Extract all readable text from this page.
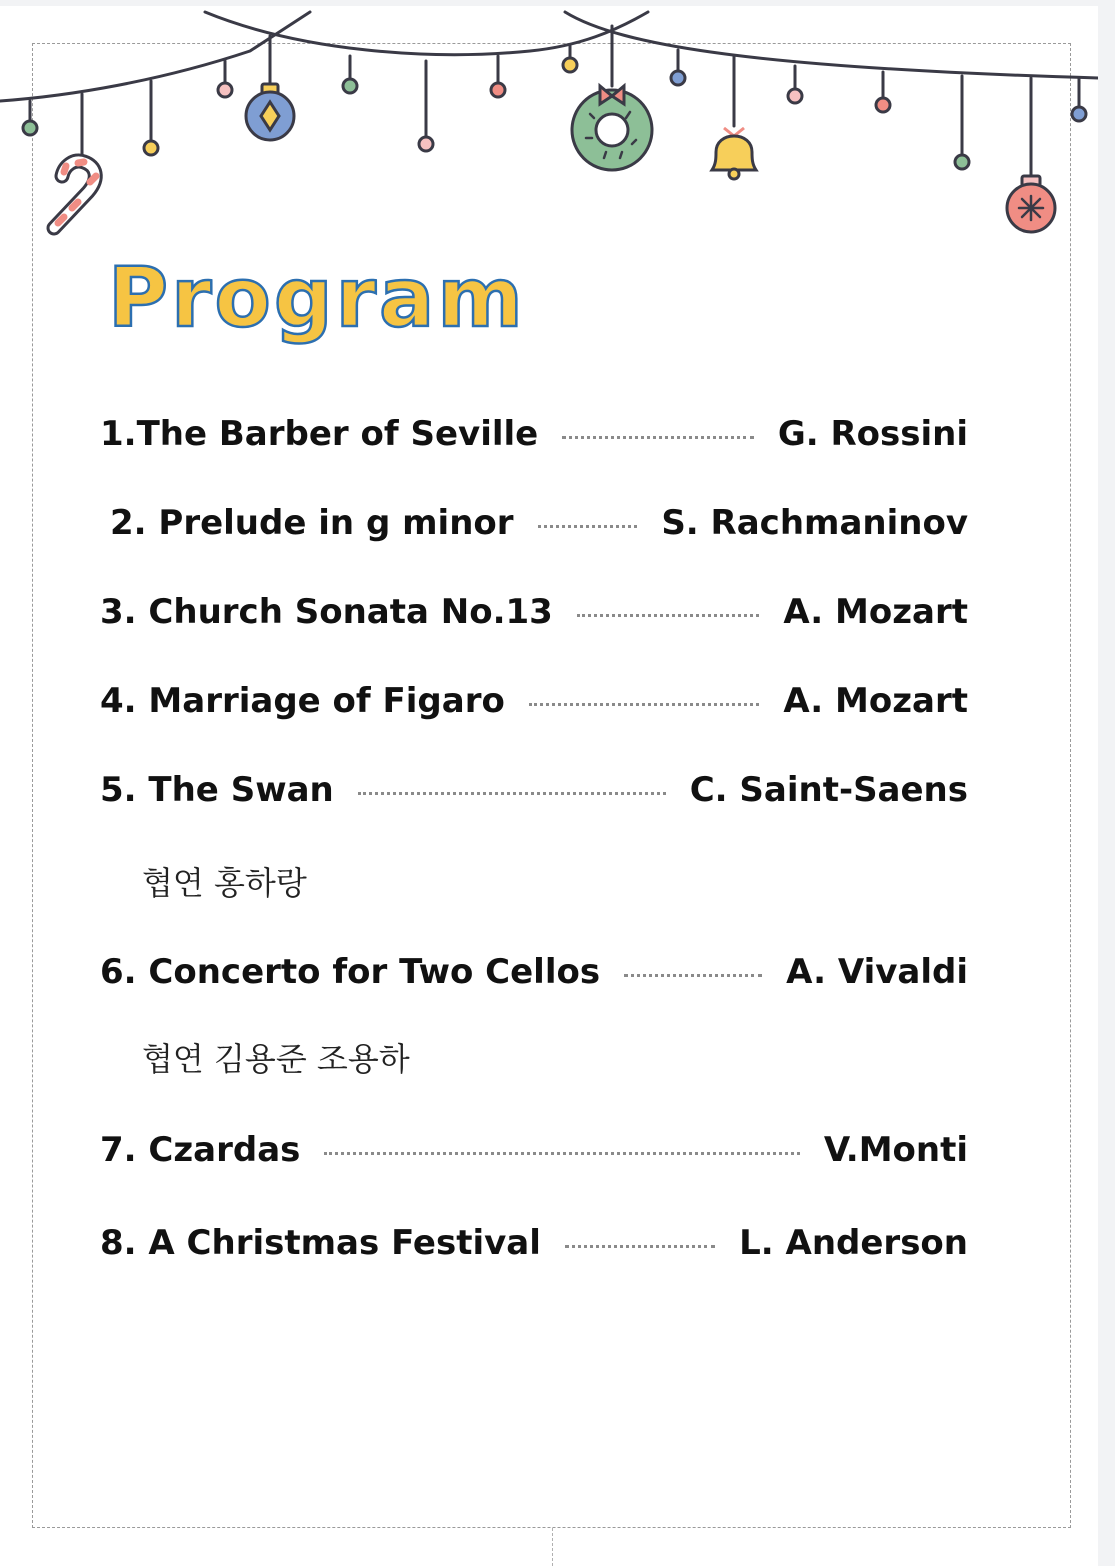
Program
1.The Barber of Seville	G. Rossini
2. Prelude in g minor	S. Rachmaninov
3. Church Sonata No.13	A. Mozart
4. Marriage of Figaro	A. Mozart
5. The Swan	C. Saint-Saens
협연 홍하랑
6. Concerto for Two Cellos	A. Vivaldi
협연 김용준 조용하
7. Czardas	V.Monti
8. A Christmas Festival	L. Anderson
